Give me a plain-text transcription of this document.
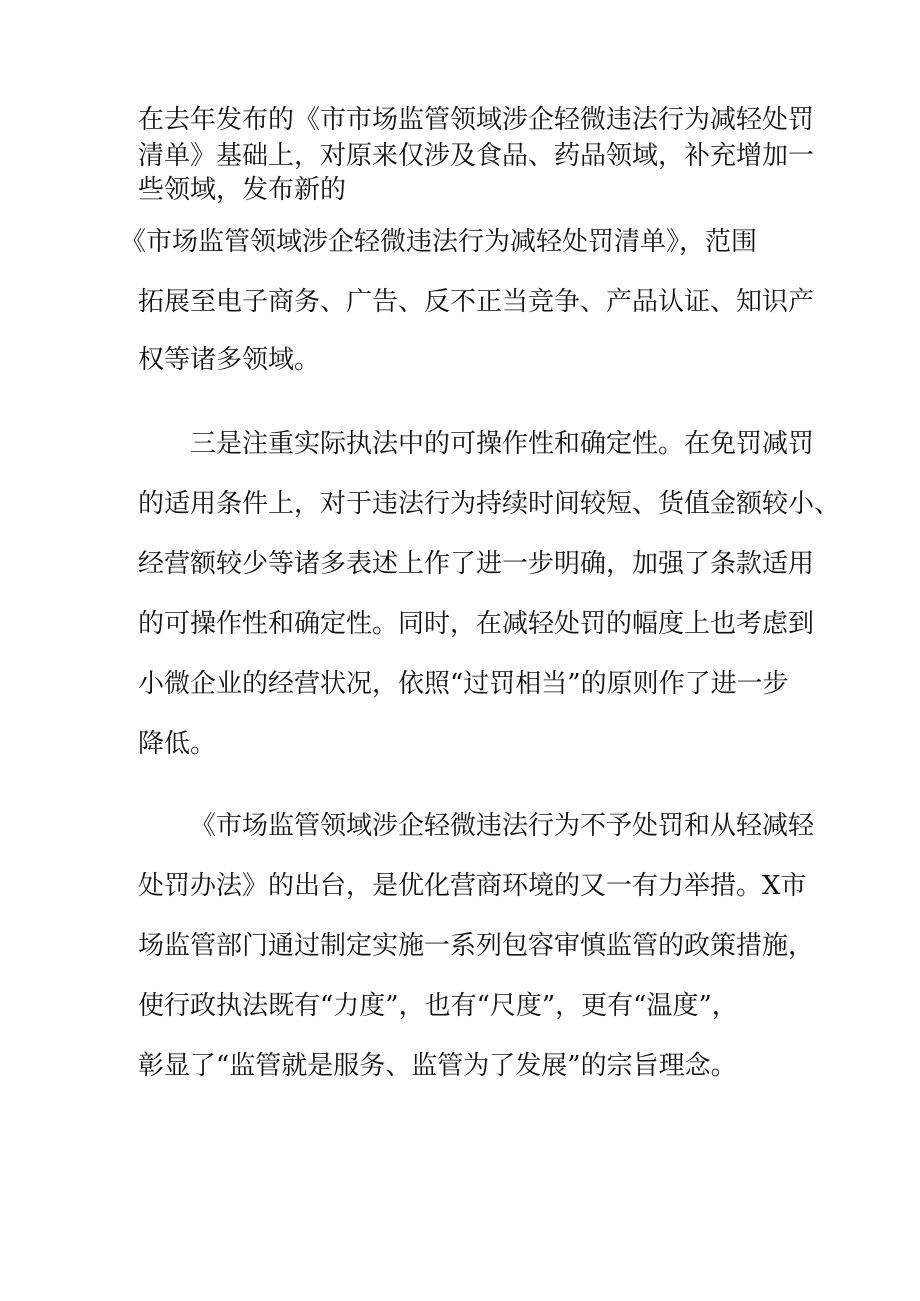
在去年发布的《市市场监管领域涉企轻微违法行为减轻处罚
清单》基础上，对原来仅涉及食品、药品领域，补充增加一
些领域，发布新的
《市场监管领域涉企轻微违法行为减轻处罚清单》，范围
拓展至电子商务、广告、反不正当竞争、产品认证、知识产
权等诸多领域。
三是注重实际执法中的可操作性和确定性。在免罚减罚
的适用条件上，对于违法行为持续时间较短、货值金额较小、
经营额较少等诸多表述上作了进一步明确，加强了条款适用
的可操作性和确定性。同时，在减轻处罚的幅度上也考虑到
小微企业的经营状况，依照“过罚相当”的原则作了进一步
降低。
《市场监管领域涉企轻微违法行为不予处罚和从轻减轻
处罚办法》的出台，是优化营商环境的又一有力举措。X市
场监管部门通过制定实施一系列包容审慎监管的政策措施，
使行政执法既有“力度”，也有“尺度”，更有“温度”，
彰显了“监管就是服务、监管为了发展”的宗旨理念。
